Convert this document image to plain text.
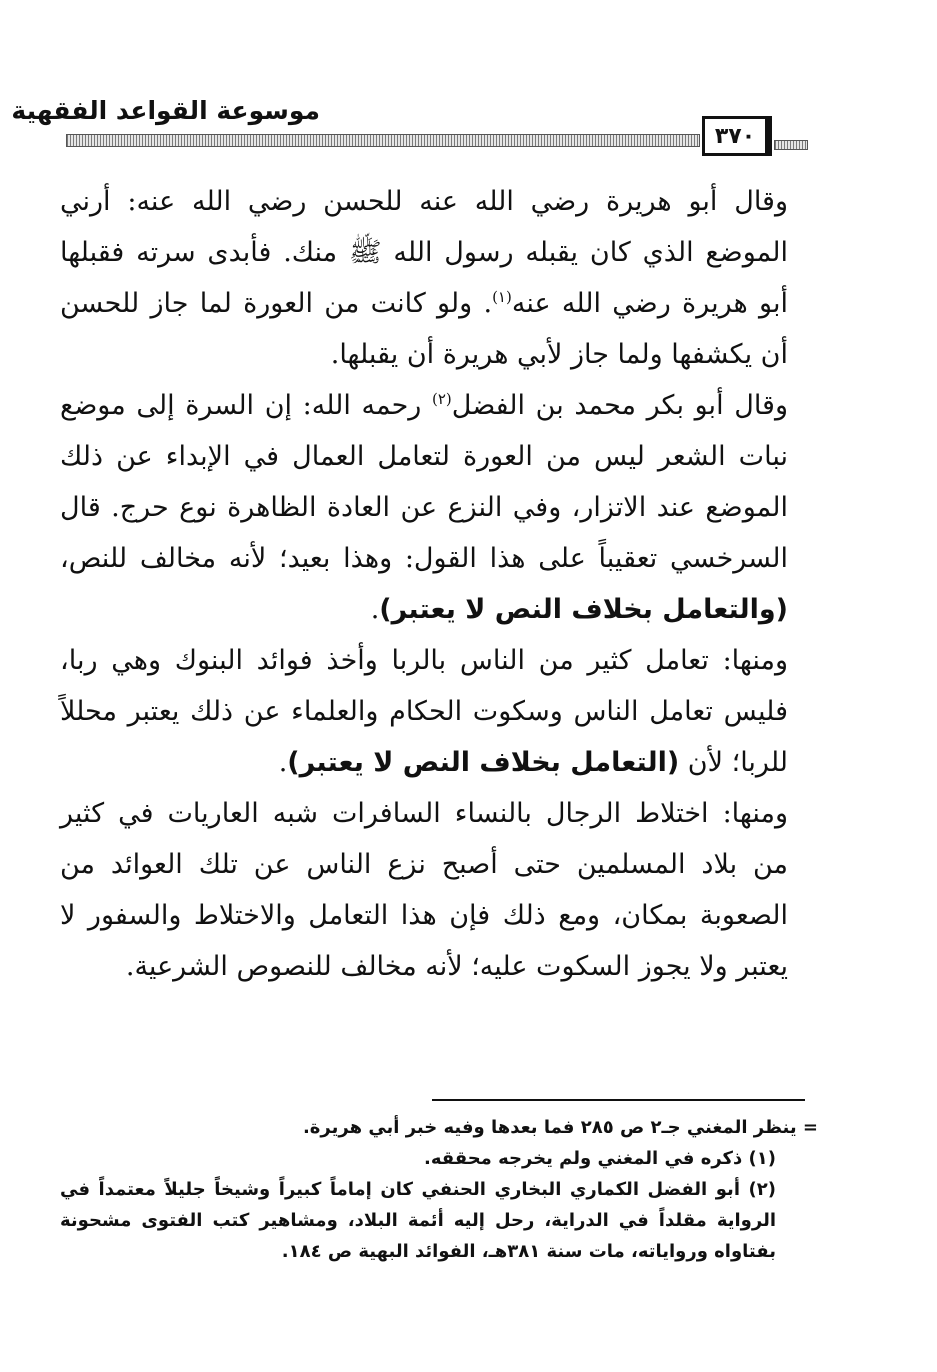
موسوعة القواعد الفقهية
٣٧٠

وقال أبو هريرة رضي الله عنه للحسن رضي الله عنه: أرني الموضع الذي كان يقبله رسول الله ﷺ منك. فأبدى سرته فقبلها أبو هريرة رضي الله عنه$^{(١)}$. ولو كانت من العورة لما جاز للحسن أن يكشفها ولما جاز لأبي هريرة أن يقبلها.

وقال أبو بكر محمد بن الفضل$^{(٢)}$ رحمه الله: إن السرة إلى موضع نبات الشعر ليس من العورة لتعامل العمال في الإبداء عن ذلك الموضع عند الاتزار، وفي النزع عن العادة الظاهرة نوع حرج. قال السرخسي تعقيباً على هذا القول: وهذا بعيد؛ لأنه مخالف للنص، (والتعامل بخلاف النص لا يعتبر).

ومنها: تعامل كثير من الناس بالربا وأخذ فوائد البنوك وهي ربا، فليس تعامل الناس وسكوت الحكام والعلماء عن ذلك يعتبر محللاً للربا؛ لأن (التعامل بخلاف النص لا يعتبر).

ومنها: اختلاط الرجال بالنساء السافرات شبه العاريات في كثير من بلاد المسلمين حتى أصبح نزع الناس عن تلك العوائد من الصعوبة بمكان، ومع ذلك فإن هذا التعامل والاختلاط والسفور لا يعتبر ولا يجوز السكوت عليه؛ لأنه مخالف للنصوص الشرعية.

= ينظر المغني جـ٢ ص ٢٨٥ فما بعدها وفيه خبر أبي هريرة.

(١) ذكره في المغني ولم يخرجه محققه.

(٢) أبو الفضل الكماري البخاري الحنفي كان إماماً كبيراً وشيخاً جليلاً معتمداً في الرواية مقلداً في الدراية، رحل إليه أئمة البلاد، ومشاهير كتب الفتوى مشحونة بفتاواه ورواياته، مات سنة ٣٨١هـ، الفوائد البهية ص ١٨٤.
